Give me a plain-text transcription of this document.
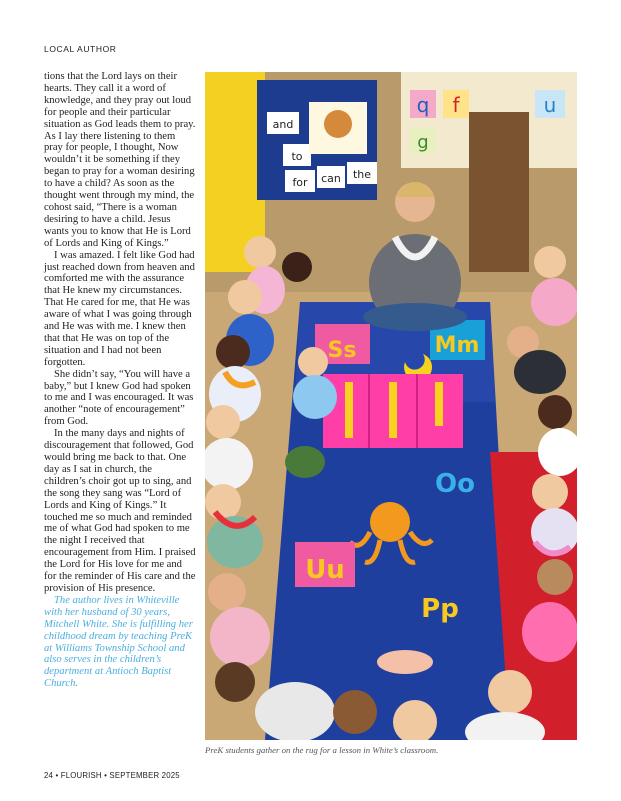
LOCAL AUTHOR

tions that the Lord lays on their hearts. They call it a word of knowledge, and they pray out loud for people and their particular situation as God leads them to pray. As I lay there listening to them pray for people, I thought, Now wouldn’t it be something if they began to pray for a woman desiring to have a child? As soon as the thought went through my mind, the cohost said, “There is a woman desiring to have a child. Jesus wants you to know that He is Lord of Lords and King of Kings.”

I was amazed. I felt like God had just reached down from heaven and comforted me with the assurance that He knew my circumstances. That He cared for me, that He was aware of what I was going through and He was with me. I knew then that that He was on top of the situation and I had not been forgotten.

She didn’t say, “You will have a baby,” but I knew God had spoken to me and I was encouraged. It was another “note of encouragement” from God.

In the many days and nights of discouragement that followed, God would bring me back to that. One day as I sat in church, the children’s choir got up to sing, and the song they sang was “Lord of Lords and King of Kings.” It touched me so much and reminded me of what God had spoken to me the night I received that encouragement from Him. I praised the Lord for His love for me and for the reminder of His care and the provision of His presence.

The author lives in Whiteville with her husband of 30 years, Mitchell White. She is fulfilling her childhood dream by teaching PreK at Williams Township School and also serves in the children’s department at Antioch Baptist Church.

and
to
for can the
q f	u
g
Ss	Mm
Oo
Uu
Pp
PreK students gather on the rug for a lesson in White’s classroom.
24 • FLOURISH • SEPTEMBER 2025
